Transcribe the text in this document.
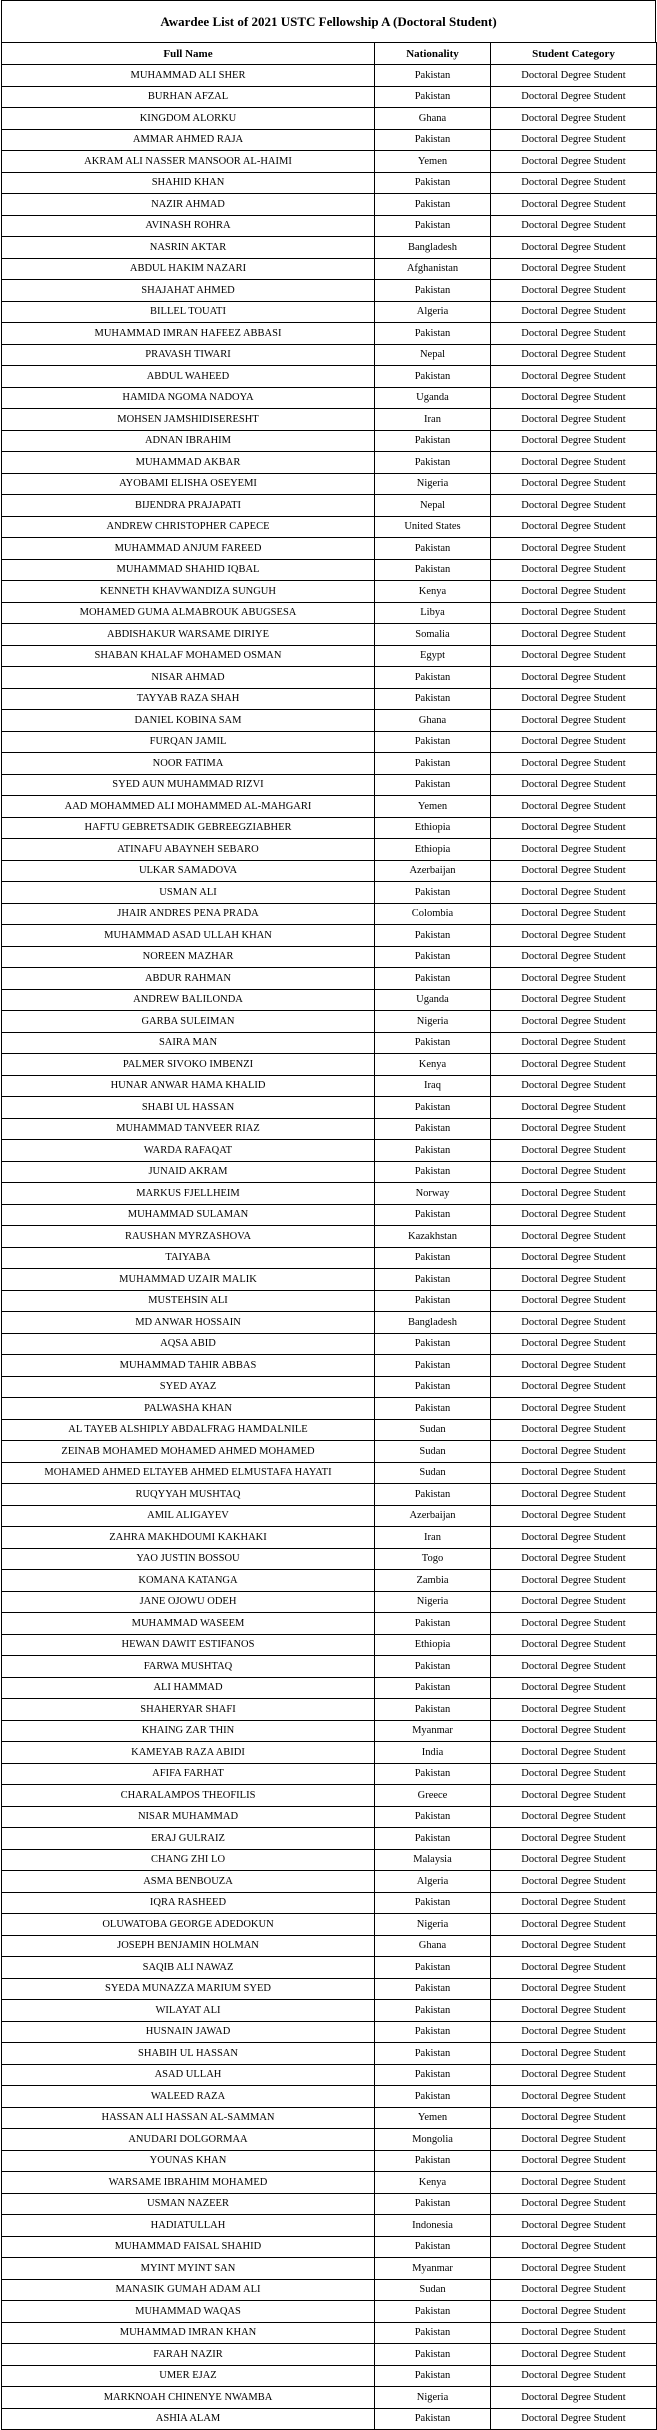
Awardee List of 2021 USTC Fellowship A (Doctoral Student)
Full Name	Nationality	Student Category
MUHAMMAD ALI SHER	Pakistan	Doctoral Degree Student
BURHAN AFZAL	Pakistan	Doctoral Degree Student
KINGDOM ALORKU	Ghana	Doctoral Degree Student
AMMAR AHMED RAJA	Pakistan	Doctoral Degree Student
AKRAM ALI NASSER MANSOOR AL-HAIMI	Yemen	Doctoral Degree Student
SHAHID KHAN	Pakistan	Doctoral Degree Student
NAZIR AHMAD	Pakistan	Doctoral Degree Student
AVINASH ROHRA	Pakistan	Doctoral Degree Student
NASRIN AKTAR	Bangladesh	Doctoral Degree Student
ABDUL HAKIM NAZARI	Afghanistan	Doctoral Degree Student
SHAJAHAT AHMED	Pakistan	Doctoral Degree Student
BILLEL TOUATI	Algeria	Doctoral Degree Student
MUHAMMAD IMRAN HAFEEZ ABBASI	Pakistan	Doctoral Degree Student
PRAVASH TIWARI	Nepal	Doctoral Degree Student
ABDUL WAHEED	Pakistan	Doctoral Degree Student
HAMIDA NGOMA NADOYA	Uganda	Doctoral Degree Student
MOHSEN JAMSHIDISERESHT	Iran	Doctoral Degree Student
ADNAN IBRAHIM	Pakistan	Doctoral Degree Student
MUHAMMAD AKBAR	Pakistan	Doctoral Degree Student
AYOBAMI ELISHA OSEYEMI	Nigeria	Doctoral Degree Student
BIJENDRA PRAJAPATI	Nepal	Doctoral Degree Student
ANDREW CHRISTOPHER CAPECE	United States	Doctoral Degree Student
MUHAMMAD ANJUM FAREED	Pakistan	Doctoral Degree Student
MUHAMMAD SHAHID IQBAL	Pakistan	Doctoral Degree Student
KENNETH KHAVWANDIZA SUNGUH	Kenya	Doctoral Degree Student
MOHAMED GUMA ALMABROUK ABUGSESA	Libya	Doctoral Degree Student
ABDISHAKUR WARSAME DIRIYE	Somalia	Doctoral Degree Student
SHABAN KHALAF MOHAMED OSMAN	Egypt	Doctoral Degree Student
NISAR AHMAD	Pakistan	Doctoral Degree Student
TAYYAB RAZA SHAH	Pakistan	Doctoral Degree Student
DANIEL KOBINA SAM	Ghana	Doctoral Degree Student
FURQAN JAMIL	Pakistan	Doctoral Degree Student
NOOR FATIMA	Pakistan	Doctoral Degree Student
SYED AUN MUHAMMAD RIZVI	Pakistan	Doctoral Degree Student
AAD MOHAMMED ALI MOHAMMED AL-MAHGARI	Yemen	Doctoral Degree Student
HAFTU GEBRETSADIK GEBREEGZIABHER	Ethiopia	Doctoral Degree Student
ATINAFU ABAYNEH SEBARO	Ethiopia	Doctoral Degree Student
ULKAR SAMADOVA	Azerbaijan	Doctoral Degree Student
USMAN ALI	Pakistan	Doctoral Degree Student
JHAIR ANDRES PENA PRADA	Colombia	Doctoral Degree Student
MUHAMMAD ASAD ULLAH KHAN	Pakistan	Doctoral Degree Student
NOREEN MAZHAR	Pakistan	Doctoral Degree Student
ABDUR RAHMAN	Pakistan	Doctoral Degree Student
ANDREW BALILONDA	Uganda	Doctoral Degree Student
GARBA SULEIMAN	Nigeria	Doctoral Degree Student
SAIRA MAN	Pakistan	Doctoral Degree Student
PALMER SIVOKO IMBENZI	Kenya	Doctoral Degree Student
HUNAR ANWAR HAMA KHALID	Iraq	Doctoral Degree Student
SHABI UL HASSAN	Pakistan	Doctoral Degree Student
MUHAMMAD TANVEER RIAZ	Pakistan	Doctoral Degree Student
WARDA RAFAQAT	Pakistan	Doctoral Degree Student
JUNAID AKRAM	Pakistan	Doctoral Degree Student
MARKUS FJELLHEIM	Norway	Doctoral Degree Student
MUHAMMAD SULAMAN	Pakistan	Doctoral Degree Student
RAUSHAN MYRZASHOVA	Kazakhstan	Doctoral Degree Student
TAIYABA	Pakistan	Doctoral Degree Student
MUHAMMAD UZAIR MALIK	Pakistan	Doctoral Degree Student
MUSTEHSIN ALI	Pakistan	Doctoral Degree Student
MD ANWAR HOSSAIN	Bangladesh	Doctoral Degree Student
AQSA ABID	Pakistan	Doctoral Degree Student
MUHAMMAD TAHIR ABBAS	Pakistan	Doctoral Degree Student
SYED AYAZ	Pakistan	Doctoral Degree Student
PALWASHA KHAN	Pakistan	Doctoral Degree Student
AL TAYEB ALSHIPLY ABDALFRAG HAMDALNILE	Sudan	Doctoral Degree Student
ZEINAB MOHAMED MOHAMED AHMED MOHAMED	Sudan	Doctoral Degree Student
MOHAMED AHMED ELTAYEB AHMED ELMUSTAFA HAYATI	Sudan	Doctoral Degree Student
RUQYYAH MUSHTAQ	Pakistan	Doctoral Degree Student
AMIL ALIGAYEV	Azerbaijan	Doctoral Degree Student
ZAHRA MAKHDOUMI KAKHAKI	Iran	Doctoral Degree Student
YAO JUSTIN BOSSOU	Togo	Doctoral Degree Student
KOMANA KATANGA	Zambia	Doctoral Degree Student
JANE OJOWU ODEH	Nigeria	Doctoral Degree Student
MUHAMMAD WASEEM	Pakistan	Doctoral Degree Student
HEWAN DAWIT ESTIFANOS	Ethiopia	Doctoral Degree Student
FARWA MUSHTAQ	Pakistan	Doctoral Degree Student
ALI HAMMAD	Pakistan	Doctoral Degree Student
SHAHERYAR SHAFI	Pakistan	Doctoral Degree Student
KHAING ZAR THIN	Myanmar	Doctoral Degree Student
KAMEYAB RAZA ABIDI	India	Doctoral Degree Student
AFIFA FARHAT	Pakistan	Doctoral Degree Student
CHARALAMPOS THEOFILIS	Greece	Doctoral Degree Student
NISAR MUHAMMAD	Pakistan	Doctoral Degree Student
ERAJ GULRAIZ	Pakistan	Doctoral Degree Student
CHANG ZHI LO	Malaysia	Doctoral Degree Student
ASMA BENBOUZA	Algeria	Doctoral Degree Student
IQRA RASHEED	Pakistan	Doctoral Degree Student
OLUWATOBA GEORGE ADEDOKUN	Nigeria	Doctoral Degree Student
JOSEPH BENJAMIN HOLMAN	Ghana	Doctoral Degree Student
SAQIB ALI NAWAZ	Pakistan	Doctoral Degree Student
SYEDA MUNAZZA MARIUM SYED	Pakistan	Doctoral Degree Student
WILAYAT ALI	Pakistan	Doctoral Degree Student
HUSNAIN JAWAD	Pakistan	Doctoral Degree Student
SHABIH UL HASSAN	Pakistan	Doctoral Degree Student
ASAD ULLAH	Pakistan	Doctoral Degree Student
WALEED RAZA	Pakistan	Doctoral Degree Student
HASSAN ALI HASSAN AL-SAMMAN	Yemen	Doctoral Degree Student
ANUDARI DOLGORMAA	Mongolia	Doctoral Degree Student
YOUNAS KHAN	Pakistan	Doctoral Degree Student
WARSAME IBRAHIM MOHAMED	Kenya	Doctoral Degree Student
USMAN NAZEER	Pakistan	Doctoral Degree Student
HADIATULLAH	Indonesia	Doctoral Degree Student
MUHAMMAD FAISAL SHAHID	Pakistan	Doctoral Degree Student
MYINT MYINT SAN	Myanmar	Doctoral Degree Student
MANASIK GUMAH ADAM ALI	Sudan	Doctoral Degree Student
MUHAMMAD WAQAS	Pakistan	Doctoral Degree Student
MUHAMMAD IMRAN KHAN	Pakistan	Doctoral Degree Student
FARAH NAZIR	Pakistan	Doctoral Degree Student
UMER EJAZ	Pakistan	Doctoral Degree Student
MARKNOAH CHINENYE NWAMBA	Nigeria	Doctoral Degree Student
ASHIA ALAM	Pakistan	Doctoral Degree Student
